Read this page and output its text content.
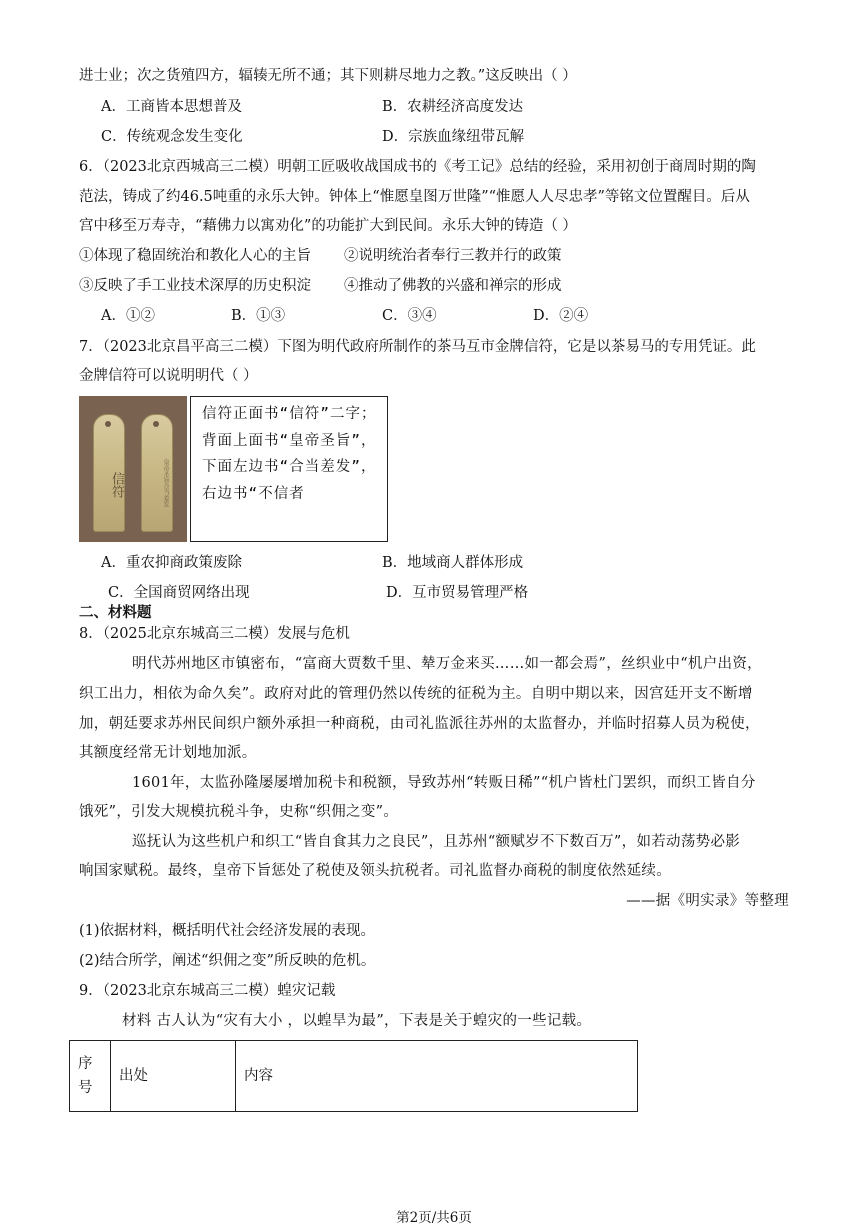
进士业；次之货殖四方，辐辏无所不通；其下则耕尽地力之教。”这反映出（ ）
A．工商皆本思想普及	B．农耕经济高度发达
C．传统观念发生变化	D．宗族血缘纽带瓦解
6．（2023北京西城高三二模）明朝工匠吸收战国成书的《考工记》总结的经验，采用初创于商周时期的陶
范法，铸成了约46.5吨重的永乐大钟。钟体上“惟愿皇图万世隆”“惟愿人人尽忠孝”等铭文位置醒目。后从
宫中移至万寿寺，“藉佛力以寓劝化”的功能扩大到民间。永乐大钟的铸造（ ）
①体现了稳固统治和教化人心的主旨 ②说明统治者奉行三教并行的政策
③反映了手工业技术深厚的历史积淀 ④推动了佛教的兴盛和禅宗的形成
A．①②	B．①③	C．③④	D．②④
7．（2023北京昌平高三二模）下图为明代政府所制作的茶马互市金牌信符，它是以茶易马的专用凭证。此
金牌信符可以说明明代（ ）
信符	皇帝圣旨合当差发
信符正面书“信符”二字；背面上面书“皇帝圣旨”，下面左边书“合当差发”，右边书“不信者
A．重农抑商政策废除	B．地域商人群体形成
C．全国商贸网络出现	D．互市贸易管理严格
二、材料题
8．（2025北京东城高三二模）发展与危机
明代苏州地区市镇密布，“富商大贾数千里、辇万金来买……如一都会焉”，丝织业中“机户出资，
织工出力，相依为命久矣”。政府对此的管理仍然以传统的征税为主。自明中期以来，因宫廷开支不断增
加，朝廷要求苏州民间织户额外承担一种商税，由司礼监派往苏州的太监督办，并临时招募人员为税使，
其额度经常无计划地加派。
1601年，太监孙隆屡屡增加税卡和税额，导致苏州“转贩日稀”“机户皆杜门罢织，而织工皆自分
饿死”，引发大规模抗税斗争，史称“织佣之变”。
巡抚认为这些机户和织工“皆自食其力之良民”，且苏州“额赋岁不下数百万”，如若动荡势必影
响国家赋税。最终，皇帝下旨惩处了税使及领头抗税者。司礼监督办商税的制度依然延续。
——据《明实录》等整理
(1)依据材料，概括明代社会经济发展的表现。
(2)结合所学，阐述“织佣之变”所反映的危机。
9．（2023北京东城高三二模）蝗灾记载
材料 古人认为“灾有大小 ，以蝗旱为最”，下表是关于蝗灾的一些记载。
序号	出处	内容
第2页/共6页
